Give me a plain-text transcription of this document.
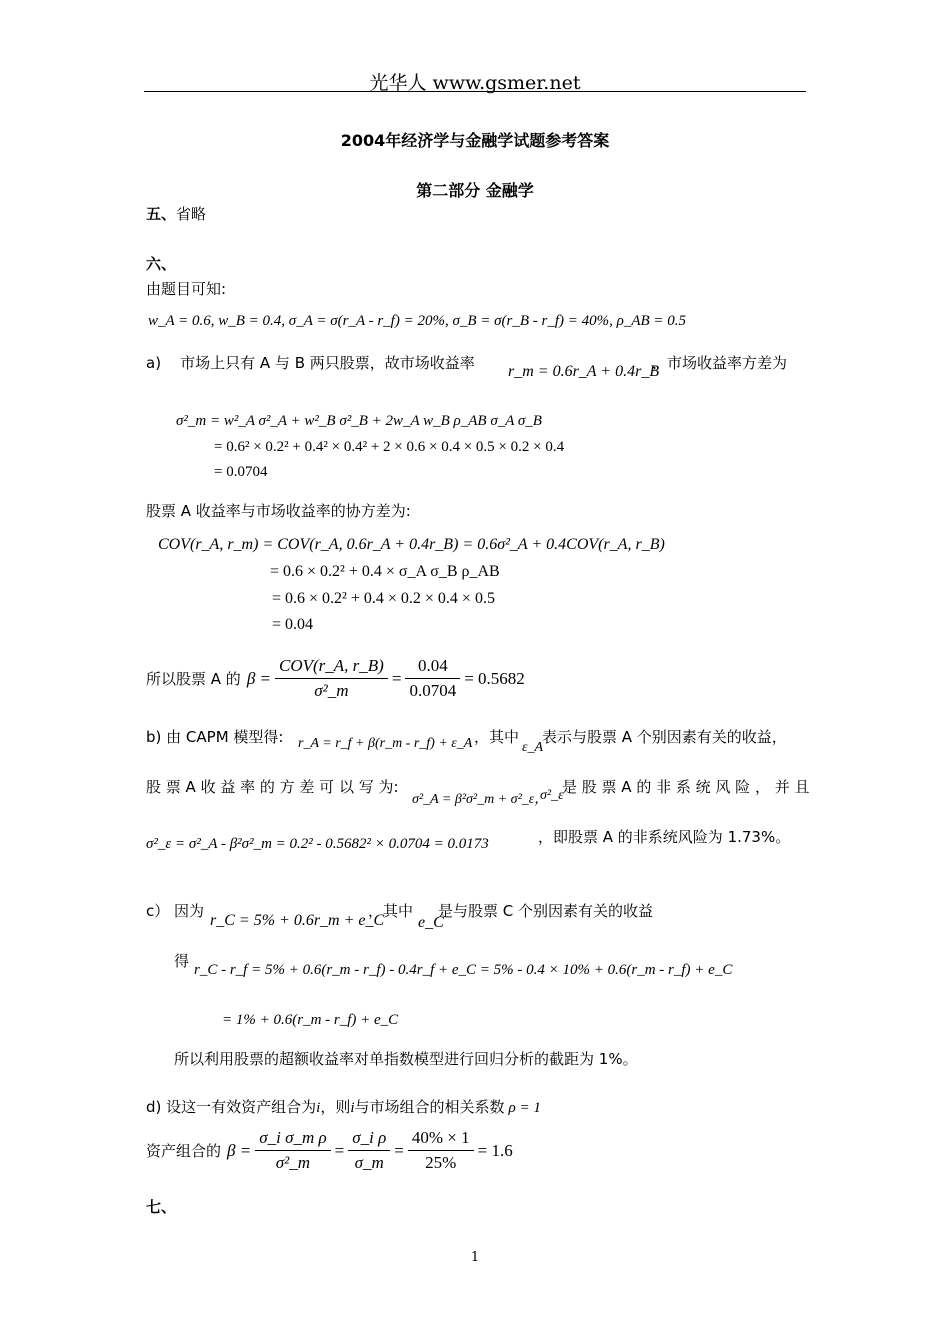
光华人 www.gsmer.net
2004年经济学与金融学试题参考答案
第二部分 金融学
五、省略
六、
由题目可知:
w_A = 0.6, w_B = 0.4, σ_A = σ(r_A - r_f) = 20%, σ_B = σ(r_B - r_f) = 40%, ρ_AB = 0.5
a) 市场上只有 A 与 B 两只股票，故市场收益率 r_m = 0.6r_A + 0.4r_B
，市场收益率方差为
σ²_m = w²_A σ²_A + w²_B σ²_B + 2w_A w_B ρ_AB σ_A σ_B
= 0.6² × 0.2² + 0.4² × 0.4² + 2 × 0.6 × 0.4 × 0.5 × 0.2 × 0.4
= 0.0704
股票 A 收益率与市场收益率的协方差为:
COV(r_A, r_m) = COV(r_A, 0.6r_A + 0.4r_B) = 0.6σ²_A + 0.4COV(r_A, r_B)
= 0.6 × 0.2² + 0.4 × σ_A σ_B ρ_AB
= 0.6 × 0.2² + 0.4 × 0.2 × 0.4 × 0.5
= 0.04
所以股票 A 的 $\beta = \frac{\text{COV(r\_A, r\_B)}}{\text{σ²\_m}} = \frac{0.04}{0.0704} = 0.5682$
b) 由 CAPM 模型得: r_A = r_f + β(r_m - r_f) + ε_A ，其中
ε_A
表示与股票 A 个别因素有关的收益，
股 票 A 收 益 率 的 方 差 可 以 写 为:
σ²_A = β²σ²_m + σ²_ε，
σ²_ε
是 股 票 A 的 非 系 统 风 险 ， 并 且
σ²_ε = σ²_A - β²σ²_m = 0.2² - 0.5682² × 0.0704 = 0.0173	，即股票 A 的非系统风险为 1.73%。
c） 因为
r_C = 5% + 0.6r_m + e_C
，其中
e_C
是与股票 C 个别因素有关的收益
得 r_C - r_f = 5% + 0.6(r_m - r_f) - 0.4r_f + e_C = 5% - 0.4 × 10% + 0.6(r_m - r_f) + e_C
= 1% + 0.6(r_m - r_f) + e_C
所以利用股票的超额收益率对单指数模型进行回归分析的截距为 1%。
d) 设这一有效资产组合为 i ，则 i 与市场组合的相关系数 ρ = 1
资产组合的 $\beta = \frac{\text{σ\_i σ\_m ρ}}{\text{σ²\_m}} = \frac{\text{σ\_i ρ}}{\sigma\_m} = \frac{40\% \times 1}{25\%} = 1.6$
七、
1
